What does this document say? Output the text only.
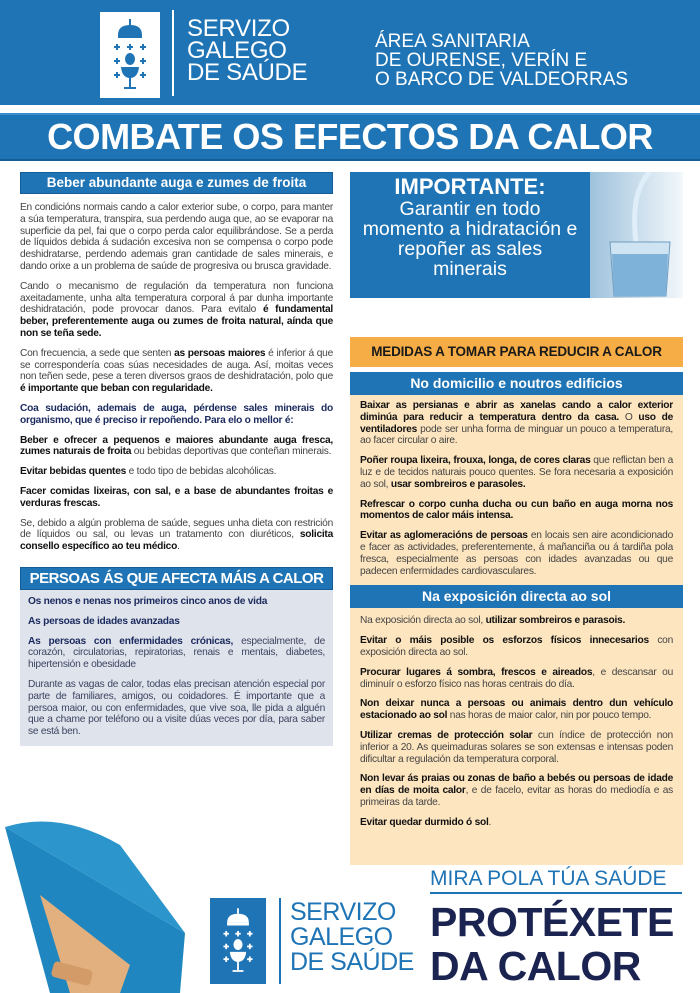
SERVIZO
GALEGO
DE SAÚDE
ÁREA SANITARIA
DE OURENSE, VERÍN E
O BARCO DE VALDEORRAS
COMBATE OS EFECTOS DA CALOR
Beber abundante auga e zumes de froita

En condicións normais cando a calor exterior sube, o corpo, para manter a súa temperatura, transpira, sua perdendo auga que, ao se evaporar na superficie da pel, fai que o corpo perda calor equilibrándose. Se a perda de líquidos debida á sudación excesiva non se compensa o corpo pode deshidratarse, perdendo ademais gran cantidade de sales minerais, e dando orixe a un problema de saúde de progresiva ou brusca gravidade.

Cando o mecanismo de regulación da temperatura non funciona axeitadamente, unha alta temperatura corporal á par dunha importante deshidratación, pode provocar danos. Para evitalo é fundamental beber, preferentemente auga ou zumes de froita natural, aínda que non se teña sede.

Con frecuencia, a sede que senten as persoas maiores é inferior á que se correspondería coas súas necesidades de auga. Así, moitas veces non teñen sede, pese a teren diversos graos de deshidratación, polo que é importante que beban con regularidade.

Coa sudación, ademais de auga, pérdense sales minerais do organismo, que é preciso ir repoñendo. Para elo o mellor é:

Beber e ofrecer a pequenos e maiores abundante auga fresca, zumes naturais de froita ou bebidas deportivas que conteñan minerais.

Evitar bebidas quentes e todo tipo de bebidas alcohólicas.

Facer comidas lixeiras, con sal, e a base de abundantes froitas e verduras frescas.

Se, debido a algún problema de saúde, segues unha dieta con restrición de líquidos ou sal, ou levas un tratamento con diuréticos, solicita consello específico ao teu médico.

PERSOAS ÁS QUE AFECTA MÁIS A CALOR

Os nenos e nenas nos primeiros cinco anos de vida

As persoas de idades avanzadas

As persoas con enfermidades crónicas, especialmente, de corazón, circulatorias, repiratorias, renais e mentais, diabetes, hipertensión e obesidade

Durante as vagas de calor, todas elas precisan atención especial por parte de familiares, amigos, ou coidadores. É importante que a persoa maior, ou con enfermidades, que vive soa, lle pida a alguén que a chame por teléfono ou a visite dúas veces por día, para saber se está ben.

IMPORTANTE:
Garantir en todo momento a hidratación e repoñer as sales minerais
MEDIDAS A TOMAR PARA REDUCIR A CALOR
No domicilio e noutros edificios

Baixar as persianas e abrir as xanelas cando a calor exterior diminúa para reducir a temperatura dentro da casa. O uso de ventiladores pode ser unha forma de minguar un pouco a temperatura, ao facer circular o aire.

Poñer roupa lixeira, frouxa, longa, de cores claras que reflictan ben a luz e de tecidos naturais pouco quentes. Se fora necesaria a exposición ao sol, usar sombreiros e parasoles.

Refrescar o corpo cunha ducha ou cun baño en auga morna nos momentos de calor máis intensa.

Evitar as aglomeracións de persoas en locais sen aire acondicionado e facer as actividades, preferentemente, á mañanciña ou á tardiña pola fresca, especialmente as persoas con idades avanzadas ou que padecen enfermidades cardiovasculares.

Na exposición directa ao sol

Na exposición directa ao sol, utilizar sombreiros e parasois.

Evitar o máis posible os esforzos físicos innecesarios con exposición directa ao sol.

Procurar lugares á sombra, frescos e aireados, e descansar ou diminuír o esforzo físico nas horas centrais do día.

Non deixar nunca a persoas ou animais dentro dun vehículo estacionado ao sol nas horas de maior calor, nin por pouco tempo.

Utilizar cremas de protección solar cun índice de protección non inferior a 20. As queimaduras solares se son extensas e intensas poden dificultar a regulación da temperatura corporal.

Non levar ás praias ou zonas de baño a bebés ou persoas de idade en días de moita calor, e de facelo, evitar as horas do mediodía e as primeiras da tarde.

Evitar quedar durmido ó sol.

SERVIZO
GALEGO
DE SAÚDE
MIRA POLA TÚA SAÚDE
PROTÉXETE
DA CALOR
